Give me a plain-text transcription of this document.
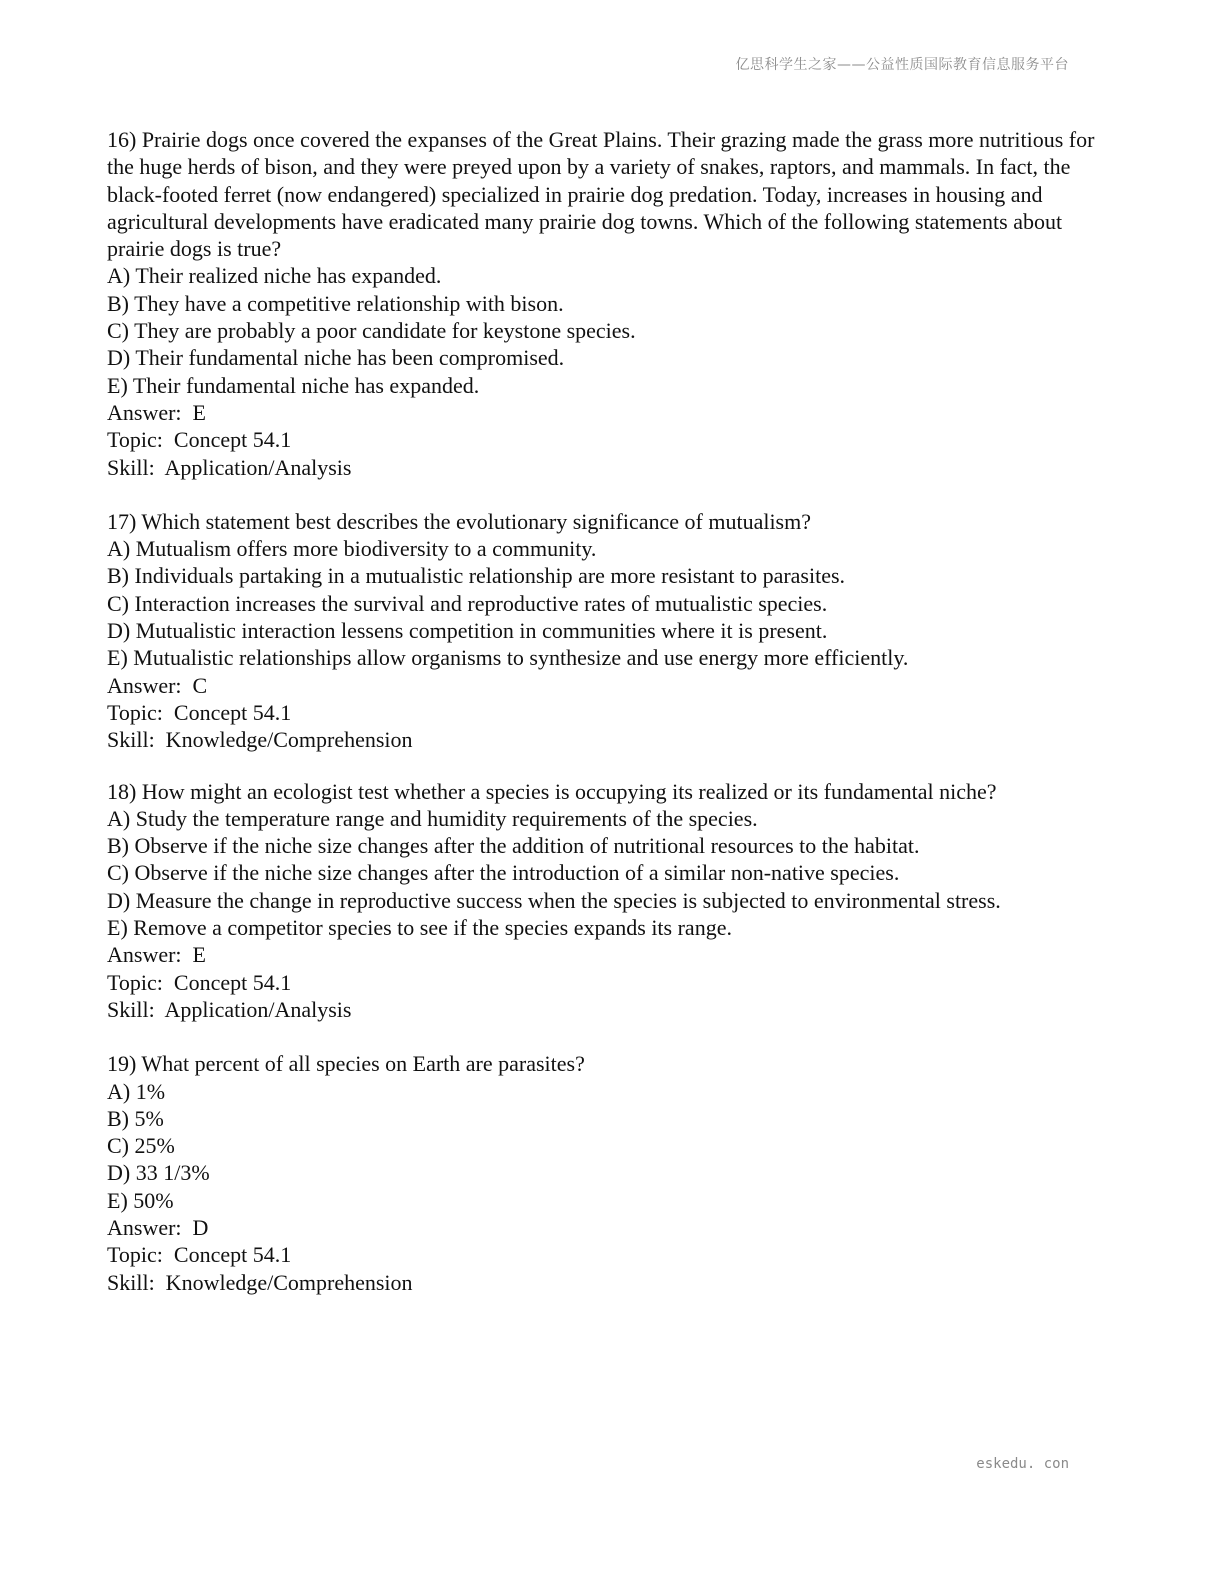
亿思科学生之家——公益性质国际教育信息服务平台
16) Prairie dogs once covered the expanses of the Great Plains. Their grazing made the grass more nutritious for the huge herds of bison, and they were preyed upon by a variety of snakes, raptors, and mammals. In fact, the black-footed ferret (now endangered) specialized in prairie dog predation. Today, increases in housing and agricultural developments have eradicated many prairie dog towns. Which of the following statements about prairie dogs is true?
A) Their realized niche has expanded.
B) They have a competitive relationship with bison.
C) They are probably a poor candidate for keystone species.
D) Their fundamental niche has been compromised.
E) Their fundamental niche has expanded.
Answer:  E
Topic:  Concept 54.1
Skill:  Application/Analysis
17) Which statement best describes the evolutionary significance of mutualism?
A) Mutualism offers more biodiversity to a community.
B) Individuals partaking in a mutualistic relationship are more resistant to parasites.
C) Interaction increases the survival and reproductive rates of mutualistic species.
D) Mutualistic interaction lessens competition in communities where it is present.
E) Mutualistic relationships allow organisms to synthesize and use energy more efficiently.
Answer:  C
Topic:  Concept 54.1
Skill:  Knowledge/Comprehension
18) How might an ecologist test whether a species is occupying its realized or its fundamental niche?
A) Study the temperature range and humidity requirements of the species.
B) Observe if the niche size changes after the addition of nutritional resources to the habitat.
C) Observe if the niche size changes after the introduction of a similar non-native species.
D) Measure the change in reproductive success when the species is subjected to environmental stress.
E) Remove a competitor species to see if the species expands its range.
Answer:  E
Topic:  Concept 54.1
Skill:  Application/Analysis
19) What percent of all species on Earth are parasites?
A) 1%
B) 5%
C) 25%
D) 33 1/3%
E) 50%
Answer:  D
Topic:  Concept 54.1
Skill:  Knowledge/Comprehension
eskedu. con
